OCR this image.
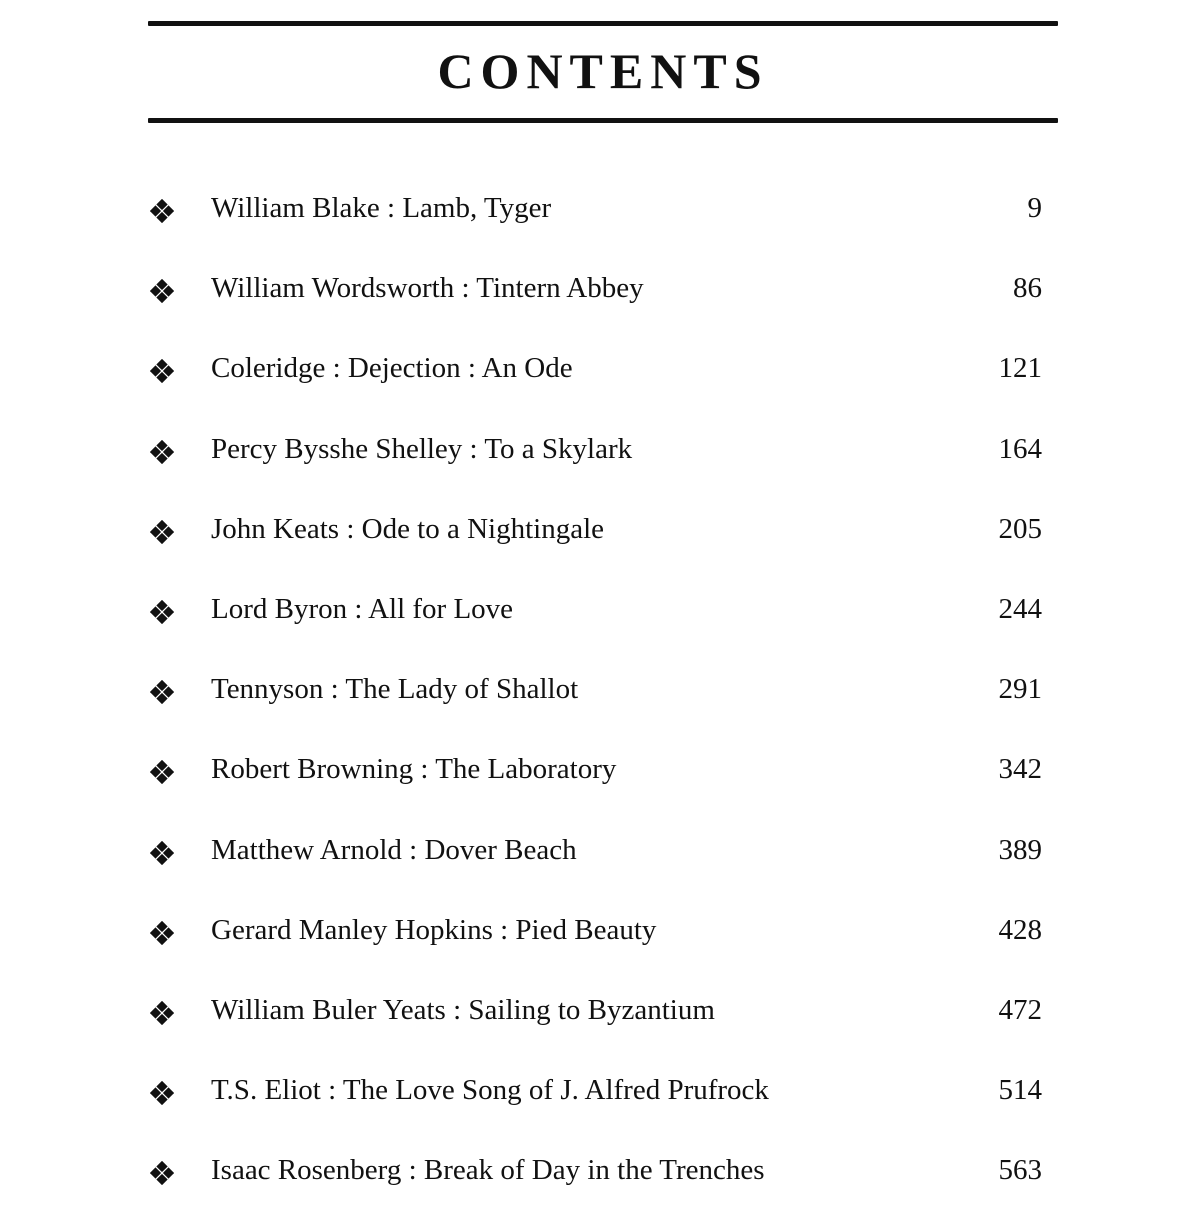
CONTENTS
William Blake : Lamb, Tyger	9
William Wordsworth : Tintern Abbey	86
Coleridge : Dejection : An Ode	121
Percy Bysshe Shelley : To a Skylark	164
John Keats : Ode to a Nightingale	205
Lord Byron : All for Love	244
Tennyson : The Lady of Shallot	291
Robert Browning : The Laboratory	342
Matthew Arnold : Dover Beach	389
Gerard Manley Hopkins : Pied Beauty	428
William Buler Yeats : Sailing to Byzantium	472
T.S. Eliot : The Love Song of J. Alfred Prufrock	514
Isaac Rosenberg : Break of Day in the Trenches	563
